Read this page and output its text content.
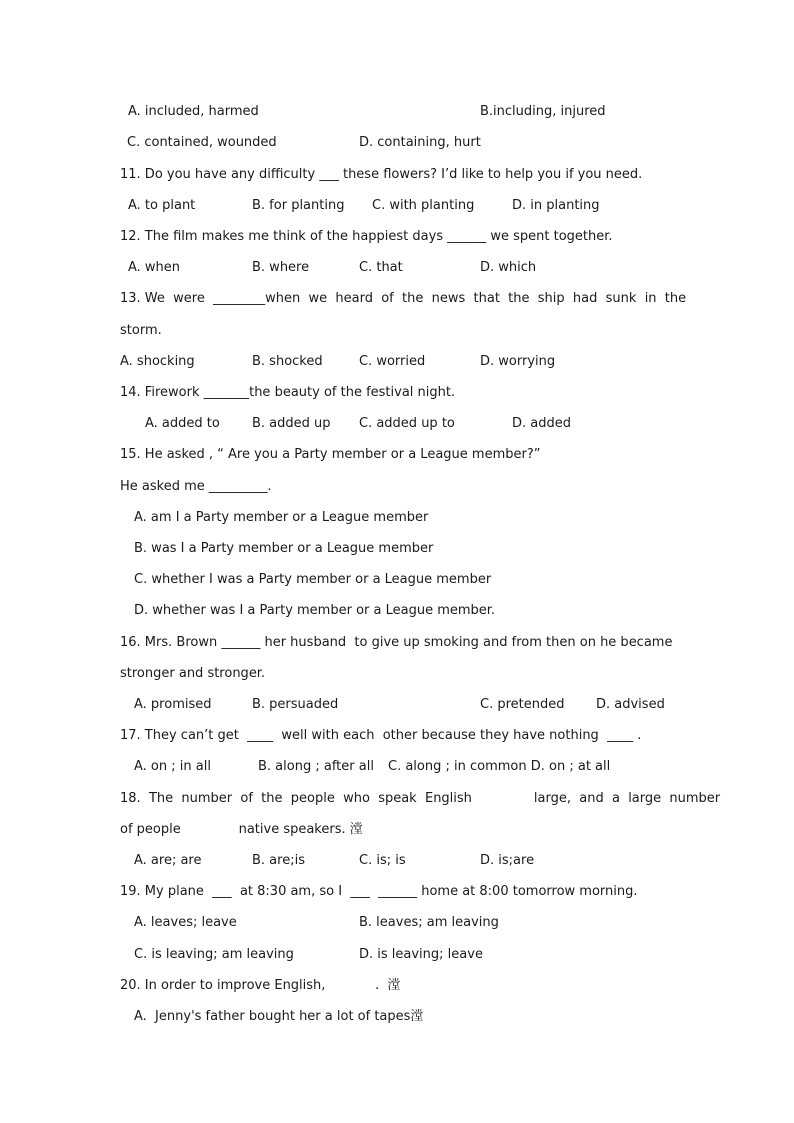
A. included, harmed	B.including, injured
C. contained, wounded	D. containing, hurt
11. Do you have any difficulty ___ these flowers? I’d like to help you if you need.
A. to plant	B. for planting C. with planting	D. in planting
12. The film makes me think of the happiest days ______ we spent together.
A. when	B. where	C. that	D. which
13. We  were  ________when  we  heard  of  the  news  that  the  ship  had  sunk  in  the
storm.
A. shocking	B. shocked	C. worried	D. worrying
14. Firework _______the beauty of the festival night.
A. added to B. added up C. added up to	D. added
15. He asked , “ Are you a Party member or a League member?”
He asked me _________.
A. am I a Party member or a League member
B. was I a Party member or a League member
C. whether I was a Party member or a League member
D. whether was I a Party member or a League member.
16. Mrs. Brown ______ her husband  to give up smoking and from then on he became
stronger and stronger.
A. promised	B. persuaded	C. pretended D. advised
17. They can’t get  ____  well with each  other because they have nothing  ____ .
A. on ; in all	B. along ; after all C. along ; in common D. on ; at all
18.  The  number  of  the  people  who  speak  English               large,  and  a  large  number
of people              native speakers. 漟
A. are; are	B. are;is	C. is; is	D. is;are
19. My plane  ___  at 8:30 am, so I  ___  ______ home at 8:00 tomorrow morning.
A. leaves; leave	B. leaves; am leaving
C. is leaving; am leaving	D. is leaving; leave
20. In order to improve English,            .  漟
A.  Jenny's father bought her a lot of tapes漟
